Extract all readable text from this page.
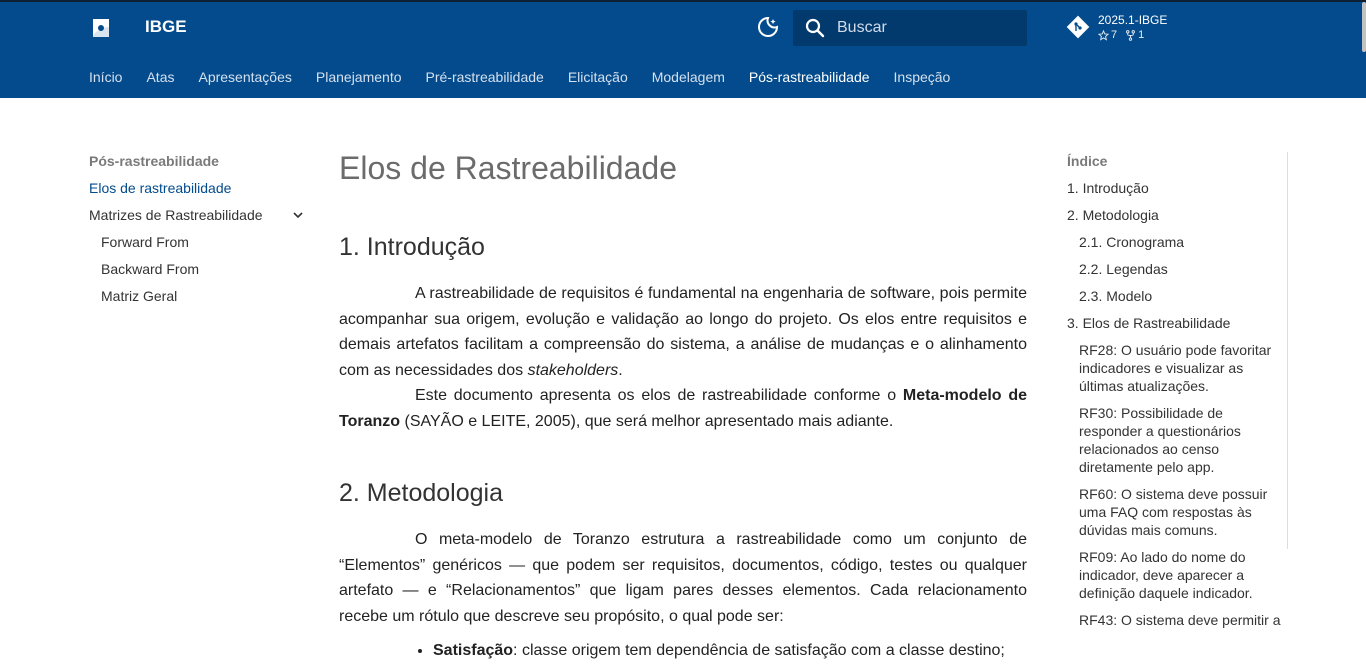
IBGE
Buscar	2025.1-IBGE
7 1
Início Atas Apresentações Planejamento Pré-rastreabilidade Elicitação Modelagem Pós-rastreabilidade Inspeção
Pós-rastreabilidade
Elos de rastreabilidade
Matrizes de Rastreabilidade
Forward From
Backward From
Matriz Geral
Elos de Rastreabilidade
1. Introdução

A rastreabilidade de requisitos é fundamental na engenharia de software, pois permite acompanhar sua origem, evolução e validação ao longo do projeto. Os elos entre requisitos e demais artefatos facilitam a compreensão do sistema, a análise de mudanças e o alinhamento com as necessidades dos stakeholders.

Este documento apresenta os elos de rastreabilidade conforme o Meta-modelo de Toranzo (SAYÃO e LEITE, 2005), que será melhor apresentado mais adiante.

2. Metodologia

O meta-modelo de Toranzo estrutura a rastreabilidade como um conjunto de “Elementos” genéricos — que podem ser requisitos, documentos, código, testes ou qualquer artefato — e “Relacionamentos” que ligam pares desses elementos. Cada relacionamento recebe um rótulo que descreve seu propósito, o qual pode ser:

• Satisfação: classe origem tem dependência de satisfação com a classe destino;
Índice
1. Introdução
2. Metodologia
2.1. Cronograma
2.2. Legendas
2.3. Modelo
3. Elos de Rastreabilidade
RF28: O usuário pode favoritar indicadores e visualizar as últimas atualizações.
RF30: Possibilidade de responder a questionários relacionados ao censo diretamente pelo app.
RF60: O sistema deve possuir uma FAQ com respostas às dúvidas mais comuns.
RF09: Ao lado do nome do indicador, deve aparecer a definição daquele indicador.
RF43: O sistema deve permitir a
